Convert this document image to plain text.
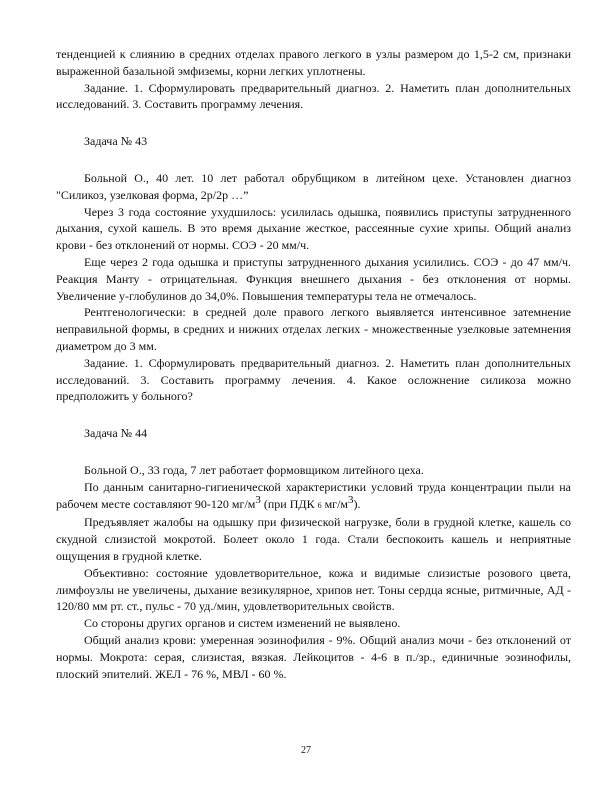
тенденцией к слиянию в средних отделах правого легкого в узлы размером до 1,5-2 см, признаки выраженной базальной эмфиземы, корни легких уплотнены.

Задание. 1. Сформулировать предварительный диагноз. 2. Наметить план дополнительных исследований. 3. Составить программу лечения.

Задача № 43

Больной О., 40 лет. 10 лет работал обрубщиком в литейном цехе. Установлен диагноз "Силикоз, узелковая форма, 2р/2р …”

Через 3 года состояние ухудшилось: усилилась одышка, появились приступы затрудненного дыхания, сухой кашель. В это время дыхание жесткое, рассеянные сухие хрипы. Общий анализ крови - без отклонений от нормы. СОЭ - 20 мм/ч.

Еще через 2 года одышка и приступы затрудненного дыхания усилились. СОЭ - до 47 мм/ч. Реакция Манту - отрицательная. Функция внешнего дыхания - без отклонения от нормы. Увеличение у-глобулинов до 34,0%. Повышения температуры тела не отмечалось.

Рентгенологически: в средней доле правого легкого выявляется интенсивное затемнение неправильной формы, в средних и нижних отделах легких - множественные узелковые затемнения диаметром до 3 мм.

Задание. 1. Сформулировать предварительный диагноз. 2. Наметить план дополнительных исследований. 3. Составить программу лечения. 4. Какое осложнение силикоза можно предположить у больного?

Задача № 44

Больной О., 33 года, 7 лет работает формовщиком литейного цеха.

По данным санитарно-гигиенической характеристики условий труда концентрации пыли на рабочем месте составляют 90-120 $мг/м^3$ (при ПДК 6 $мг/м^3$).

Предъявляет жалобы на одышку при физической нагрузке, боли в грудной клетке, кашель со скудной слизистой мокротой. Болеет около 1 года. Стали беспокоить кашель и неприятные ощущения в грудной клетке.

Объективно: состояние удовлетворительное, кожа и видимые слизистые розового цвета, лимфоузлы не увеличены, дыхание везикулярное, хрипов нет. Тоны сердца ясные, ритмичные, АД - 120/80 мм рт. ст., пульс - 70 уд./мин, удовлетворительных свойств.

Со стороны других органов и систем изменений не выявлено.

Общий анализ крови: умеренная эозинофилия - 9%. Общий анализ мочи - без отклонений от нормы. Мокрота: серая, слизистая, вязкая. Лейкоцитов - 4-6 в п./зр., единичные эозинофилы, плоский эпителий. ЖЕЛ - 76 %, МВЛ - 60 %.

27
